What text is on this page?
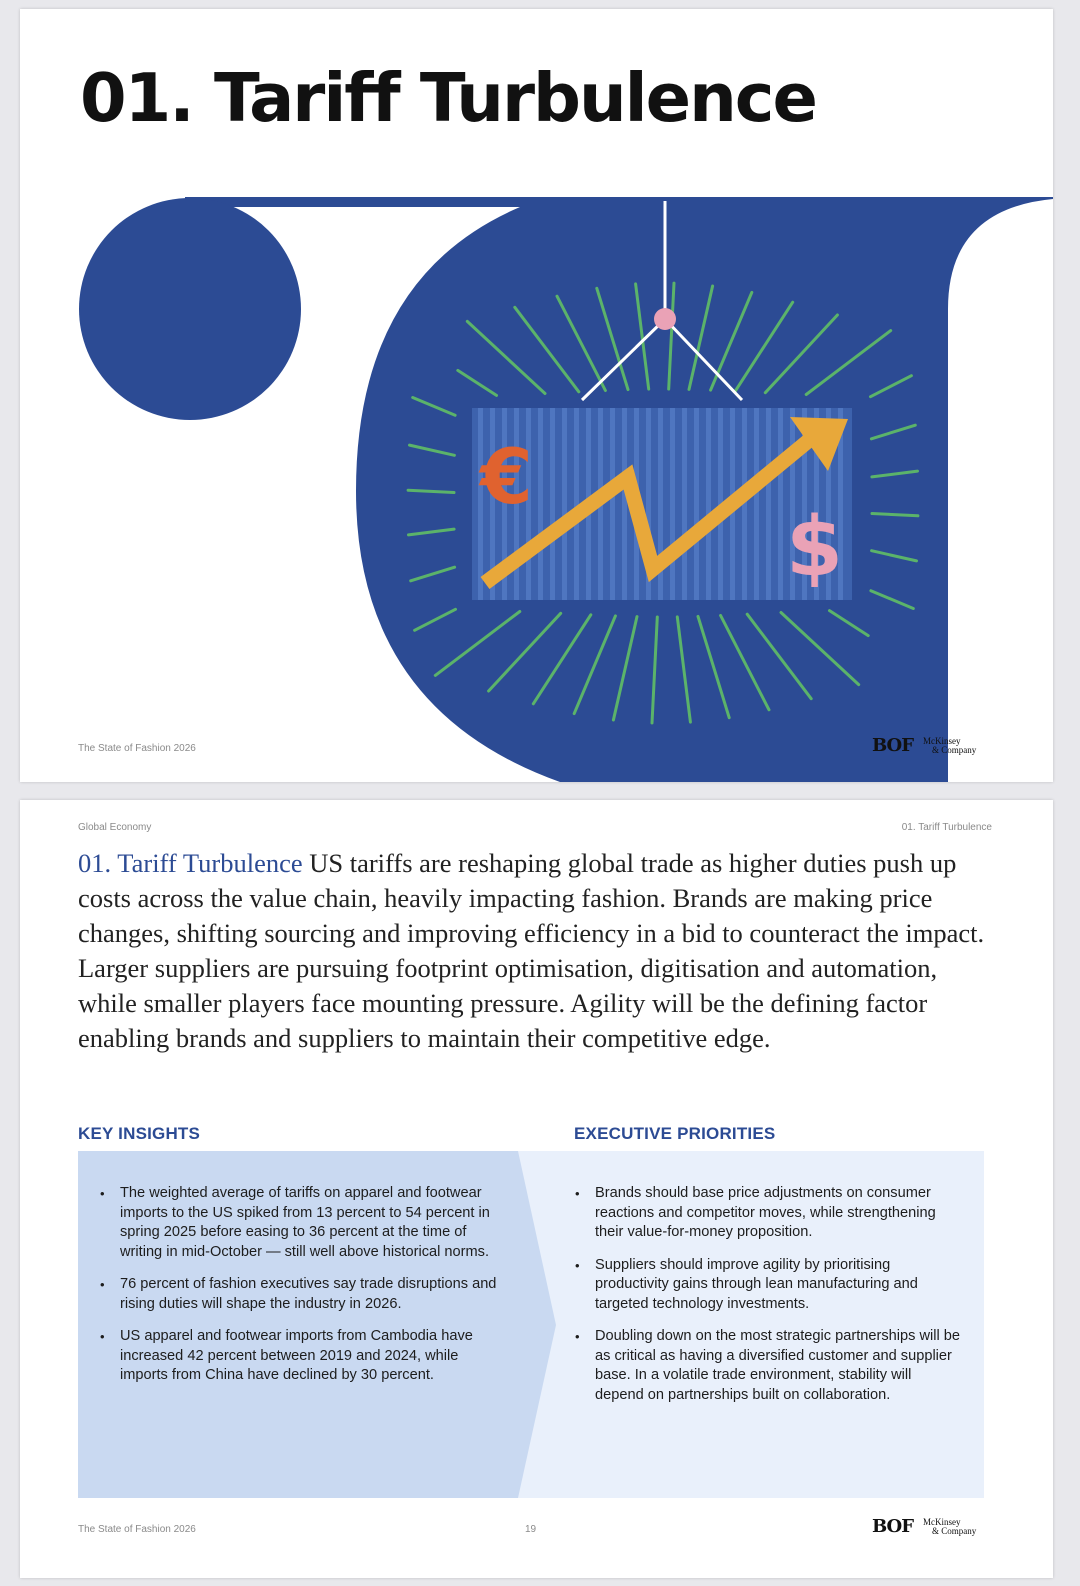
01. Tariff Turbulence
€
$
The State of Fashion 2026	BOF McKinsey
& Company
Global Economy	01. Tariff Turbulence

01. Tariff Turbulence US tariffs are reshaping global trade as higher duties push up costs across the value chain, heavily impacting fashion. Brands are making price changes, shifting sourcing and improving efficiency in a bid to counteract the impact. Larger suppliers are pursuing footprint optimisation, digitisation and automation, while smaller players face mounting pressure. Agility will be the defining factor enabling brands and suppliers to maintain their competitive edge.

KEY INSIGHTS	EXECUTIVE PRIORITIES
• The weighted average of tariffs on apparel and footwear imports to the US spiked from 13 percent to 54 percent in spring 2025 before easing to 36 percent at the time of writing in mid-October — still well above historical norms.
• 76 percent of fashion executives say trade disruptions and rising duties will shape the industry in 2026.
• US apparel and footwear imports from Cambodia have increased 42 percent between 2019 and 2024, while imports from China have declined by 30 percent.
• Brands should base price adjustments on consumer reactions and competitor moves, while strengthening their value-for-money proposition.
• Suppliers should improve agility by prioritising productivity gains through lean manufacturing and targeted technology investments.
• Doubling down on the most strategic partnerships will be as critical as having a diversified customer and supplier base. In a volatile trade environment, stability will depend on partnerships built on collaboration.
The State of Fashion 2026	19	BOF McKinsey
& Company
